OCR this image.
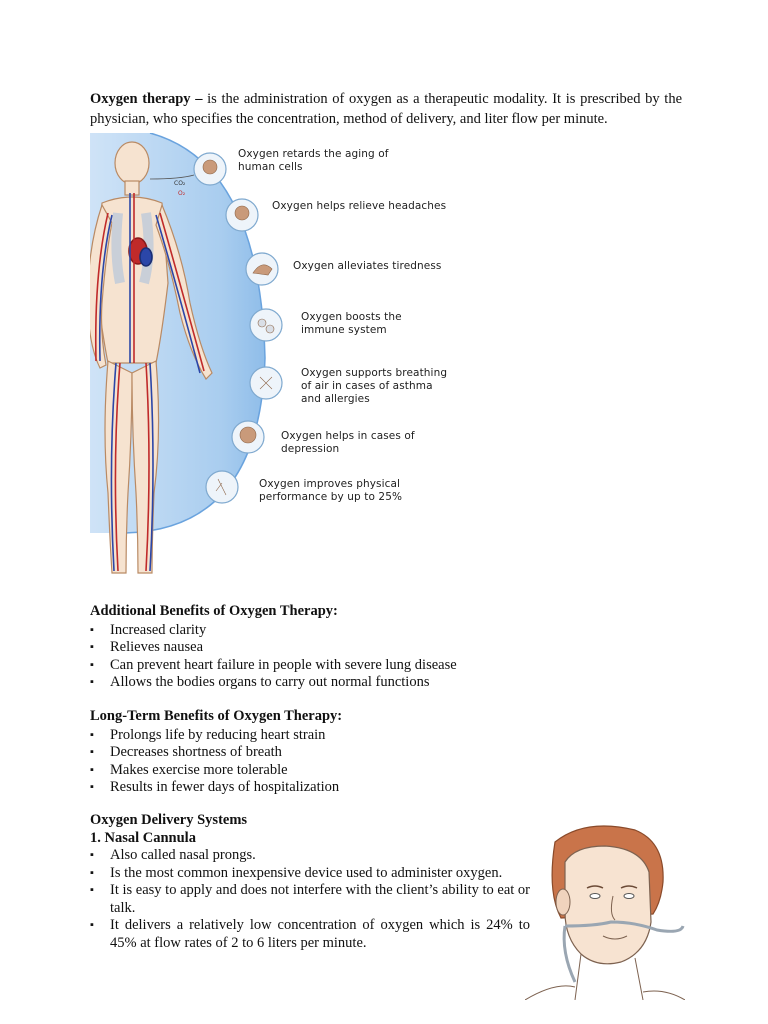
Oxygen therapy – is the administration of oxygen as a therapeutic modality. It is prescribed by the physician, who specifies the concentration, method of delivery, and liter flow per minute.

CO₂
O₂
Oxygen retards the aging of
human cells
Oxygen helps relieve headaches
Oxygen alleviates tiredness
Oxygen boosts the
immune system
Oxygen supports breathing
of air in cases of asthma
and allergies
Oxygen helps in cases of
depression
Oxygen improves physical
performance by up to 25%
Additional Benefits of Oxygen Therapy:
▪ Increased clarity
▪ Relieves nausea
▪ Can prevent heart failure in people with severe lung disease
▪ Allows the bodies organs to carry out normal functions
Long-Term Benefits of Oxygen Therapy:
▪ Prolongs life by reducing heart strain
▪ Decreases shortness of breath
▪ Makes exercise more tolerable
▪ Results in fewer days of hospitalization
Oxygen Delivery Systems
1. Nasal Cannula
▪ Also called nasal prongs.
▪ Is the most common inexpensive device used to administer oxygen.
▪ It is easy to apply and does not interfere with the client’s ability to eat or talk.
▪ It delivers a relatively low concentration of oxygen which is 24% to 45% at flow rates of 2 to 6 liters per minute.
